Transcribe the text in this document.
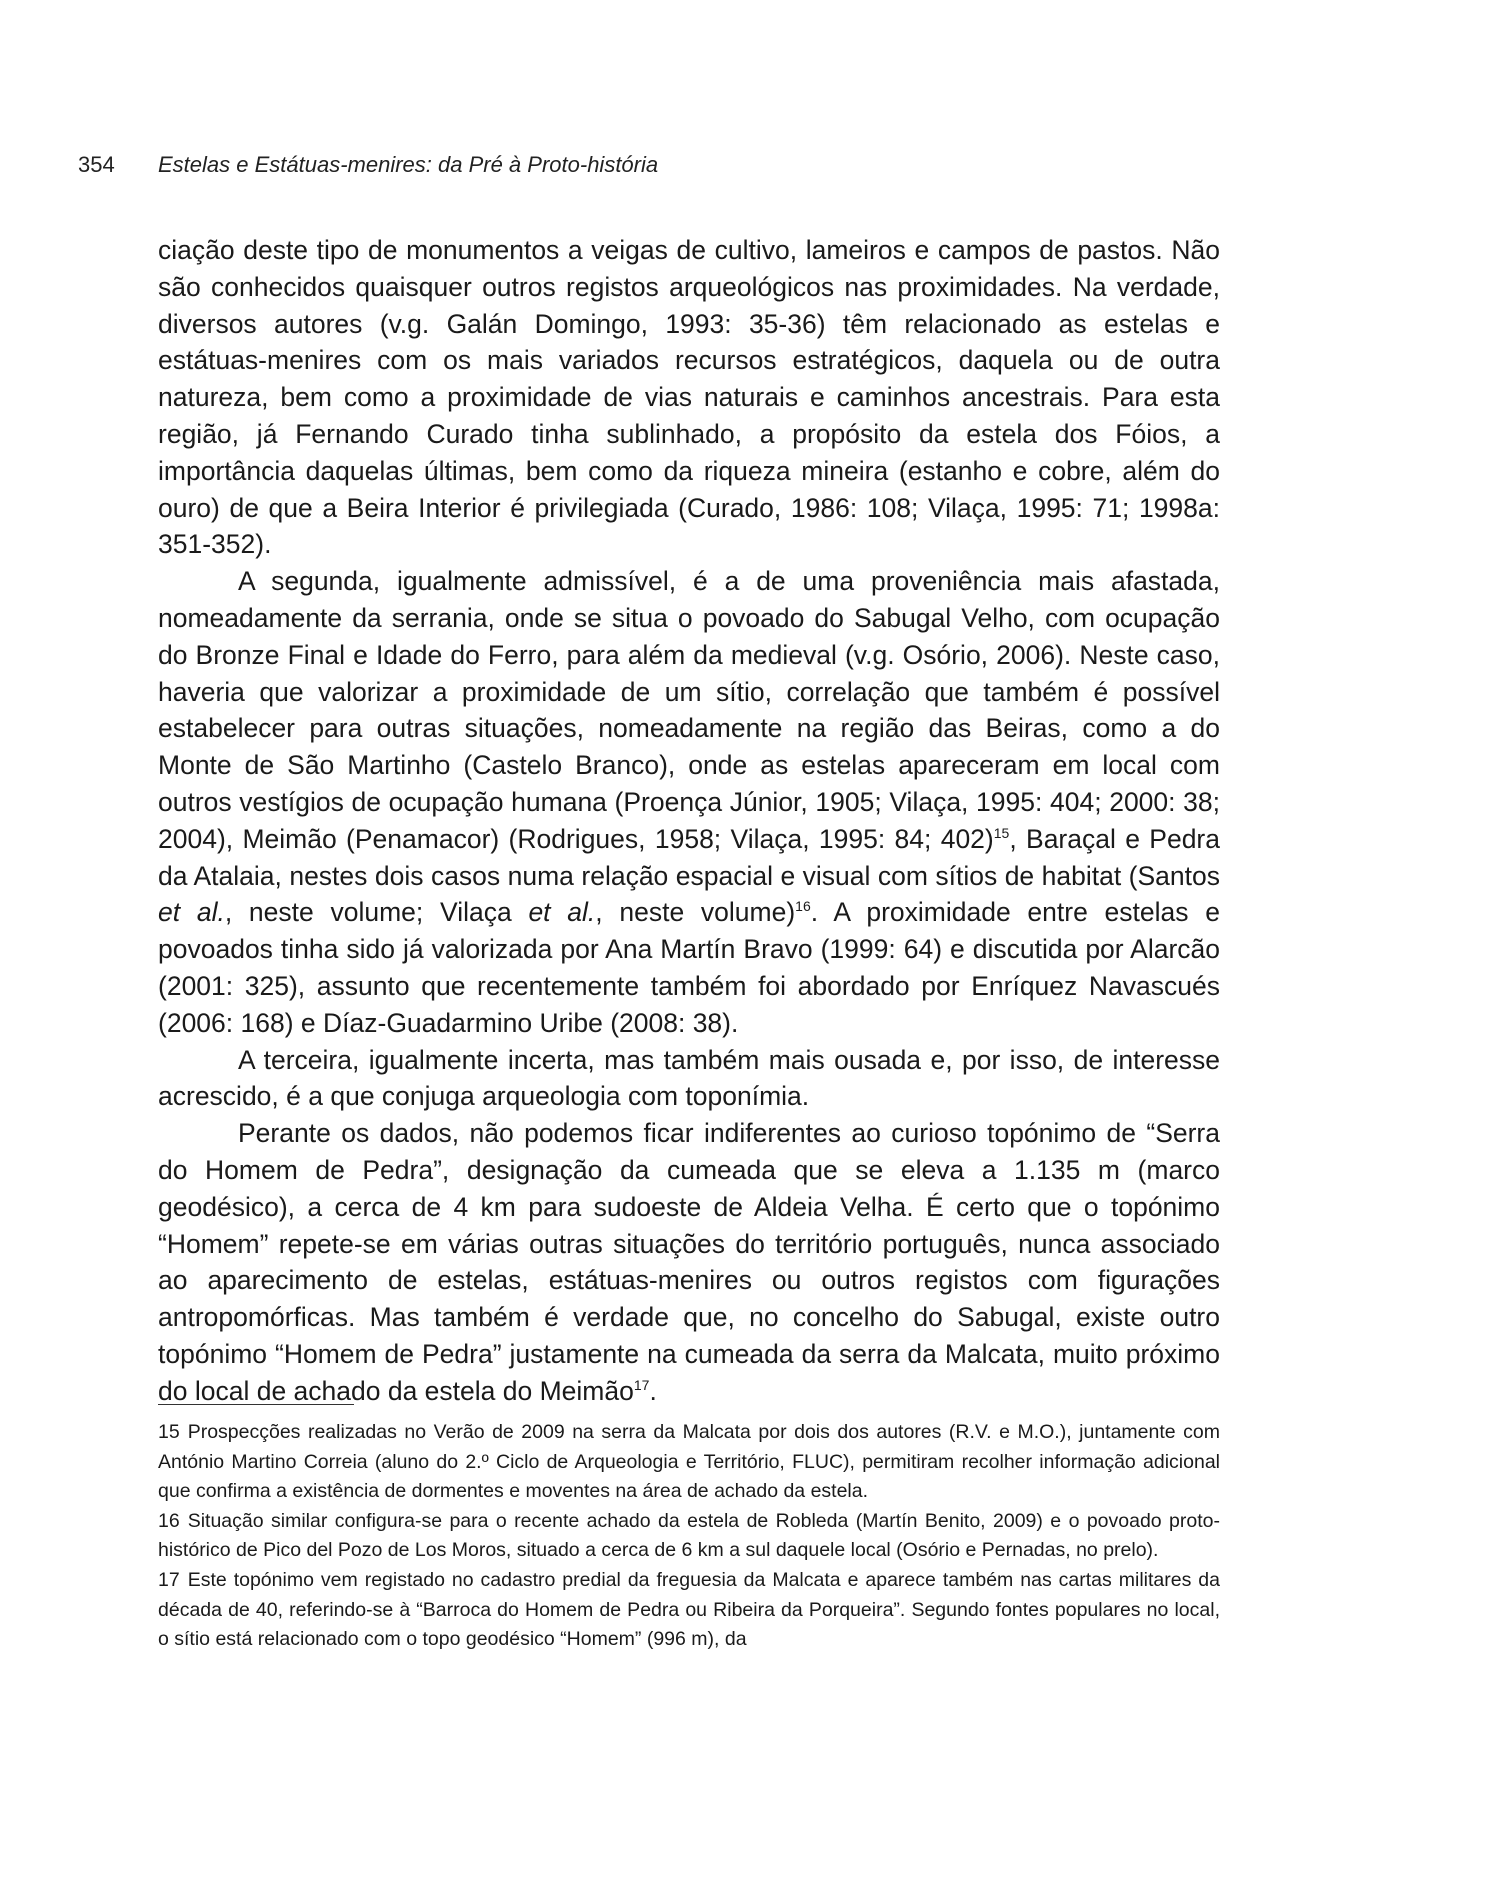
354 Estelas e Estátuas-menires: da Pré à Proto-história

ciação deste tipo de monumentos a veigas de cultivo, lameiros e campos de pastos. Não são conhecidos quaisquer outros registos arqueológicos nas proximidades. Na verdade, diversos autores (v.g. Galán Domingo, 1993: 35-36) têm relacionado as estelas e estátuas-menires com os mais variados recursos estratégicos, daquela ou de outra natureza, bem como a proximidade de vias naturais e caminhos ancestrais. Para esta região, já Fernando Curado tinha sublinhado, a propósito da estela dos Fóios, a importância daquelas últimas, bem como da riqueza mineira (estanho e cobre, além do ouro) de que a Beira Interior é privilegiada (Curado, 1986: 108; Vilaça, 1995: 71; 1998a: 351-352).

A segunda, igualmente admissível, é a de uma proveniência mais afastada, nomeadamente da serrania, onde se situa o povoado do Sabugal Velho, com ocupação do Bronze Final e Idade do Ferro, para além da medieval (v.g. Osório, 2006). Neste caso, haveria que valorizar a proximidade de um sítio, correlação que também é possível estabelecer para outras situações, nomeadamente na região das Beiras, como a do Monte de São Martinho (Castelo Branco), onde as estelas apareceram em local com outros vestígios de ocupação humana (Proença Júnior, 1905; Vilaça, 1995: 404; 2000: 38; 2004), Meimão (Penamacor) (Rodrigues, 1958; Vilaça, 1995: 84; 402)$^{15}$, Baraçal e Pedra da Atalaia, nestes dois casos numa relação espacial e visual com sítios de habitat (Santos et al., neste volume; Vilaça et al., neste volume)$^{16}$. A proximidade entre estelas e povoados tinha sido já valorizada por Ana Martín Bravo (1999: 64) e discutida por Alarcão (2001: 325), assunto que recentemente também foi abordado por Enríquez Navascués (2006: 168) e Díaz-Guadarmino Uribe (2008: 38).

A terceira, igualmente incerta, mas também mais ousada e, por isso, de interesse acrescido, é a que conjuga arqueologia com toponímia.

Perante os dados, não podemos ficar indiferentes ao curioso topónimo de “Serra do Homem de Pedra”, designação da cumeada que se eleva a 1.135 m (marco geodésico), a cerca de 4 km para sudoeste de Aldeia Velha. É certo que o topónimo “Homem” repete-se em várias outras situações do território português, nunca associado ao aparecimento de estelas, estátuas-menires ou outros registos com figurações antropomórficas. Mas também é verdade que, no concelho do Sabugal, existe outro topónimo “Homem de Pedra” justamente na cumeada da serra da Malcata, muito próximo do local de achado da estela do Meimão$^{17}$.

15 Prospecções realizadas no Verão de 2009 na serra da Malcata por dois dos autores (R.V. e M.O.), juntamente com António Martino Correia (aluno do 2.º Ciclo de Arqueologia e Território, FLUC), permitiram recolher informação adicional que confirma a existência de dormentes e moventes na área de achado da estela.

16 Situação similar configura-se para o recente achado da estela de Robleda (Martín Benito, 2009) e o povoado proto-histórico de Pico del Pozo de Los Moros, situado a cerca de 6 km a sul daquele local (Osório e Pernadas, no prelo).

17 Este topónimo vem registado no cadastro predial da freguesia da Malcata e aparece também nas cartas militares da década de 40, referindo-se à “Barroca do Homem de Pedra ou Ribeira da Porqueira”. Segundo fontes populares no local, o sítio está relacionado com o topo geodésico “Homem” (996 m), da
